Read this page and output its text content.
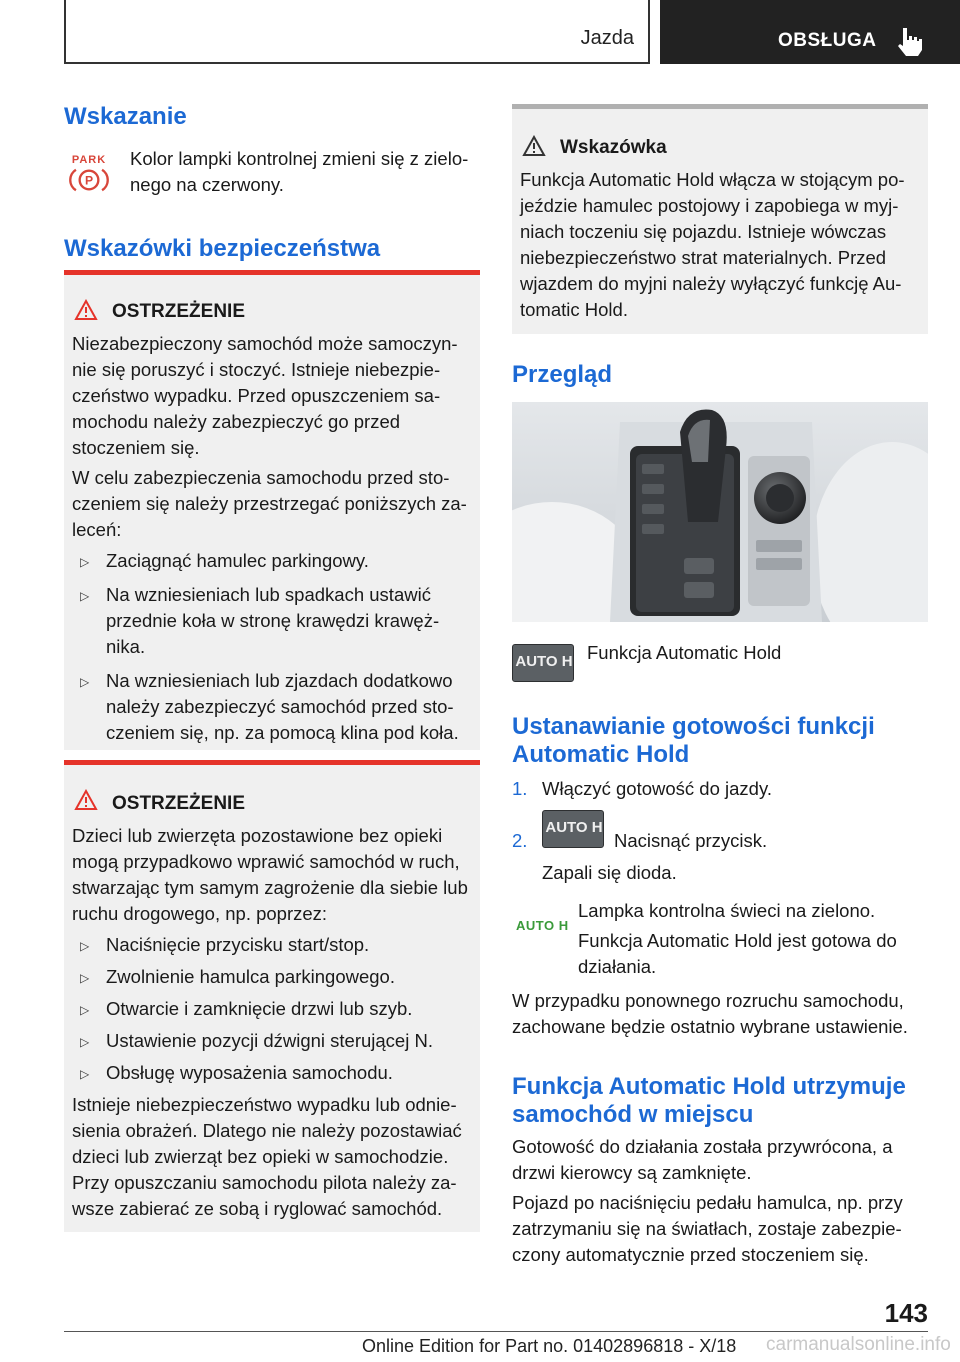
Jazda	OBSŁUGA
Wskazanie
PARK
P
Kolor lampki kontrolnej zmieni się z zielo-
nego na czerwony.
Wskazówki bezpieczeństwa
OSTRZEŻENIE
Niezabezpieczony samochód może samoczyn-
nie się poruszyć i stoczyć. Istnieje niebezpie-
czeństwo wypadku. Przed opuszczeniem sa-
mochodu należy zabezpieczyć go przed
stoczeniem się.
W celu zabezpieczenia samochodu przed sto-
czeniem się należy przestrzegać poniższych za-
leceń:
▷ Zaciągnąć hamulec parkingowy.
▷ Na wzniesieniach lub spadkach ustawić
przednie koła w stronę krawędzi krawęż-
nika.
▷ Na wzniesieniach lub zjazdach dodatkowo
należy zabezpieczyć samochód przed sto-
czeniem się, np. za pomocą klina pod koła.
OSTRZEŻENIE
Dzieci lub zwierzęta pozostawione bez opieki
mogą przypadkowo wprawić samochód w ruch,
stwarzając tym samym zagrożenie dla siebie lub
ruchu drogowego, np. poprzez:
▷ Naciśnięcie przycisku start/stop.
▷ Zwolnienie hamulca parkingowego.
▷ Otwarcie i zamknięcie drzwi lub szyb.
▷ Ustawienie pozycji dźwigni sterującej N.
▷ Obsługę wyposażenia samochodu.
Istnieje niebezpieczeństwo wypadku lub odnie-
sienia obrażeń. Dlatego nie należy pozostawiać
dzieci lub zwierząt bez opieki w samochodzie.
Przy opuszczaniu samochodu pilota należy za-
wsze zabierać ze sobą i ryglować samochód.
Wskazówka
Funkcja Automatic Hold włącza w stojącym po-
jeździe hamulec postojowy i zapobiega w myj-
niach toczeniu się pojazdu. Istnieje wówczas
niebezpieczeństwo strat materialnych. Przed
wjazdem do myjni należy wyłączyć funkcję Au-
tomatic Hold.
Przegląd
AUTO H Funkcja Automatic Hold
Ustanawianie gotowości funkcji
Automatic Hold
1. Włączyć gotowość do jazdy.
2.
AUTO H
Nacisnąć przycisk.
Zapali się dioda.
AUTO H
Lampka kontrolna świeci na zielono.
Funkcja Automatic Hold jest gotowa do
działania.
W przypadku ponownego rozruchu samochodu,
zachowane będzie ostatnio wybrane ustawienie.
Funkcja Automatic Hold utrzymuje
samochód w miejscu
Gotowość do działania została przywrócona, a
drzwi kierowcy są zamknięte.
Pojazd po naciśnięciu pedału hamulca, np. przy
zatrzymaniu się na światłach, zostaje zabezpie-
czony automatycznie przed stoczeniem się.
143
Online Edition for Part no. 01402896818 - X/18 carmanualsonline.info
